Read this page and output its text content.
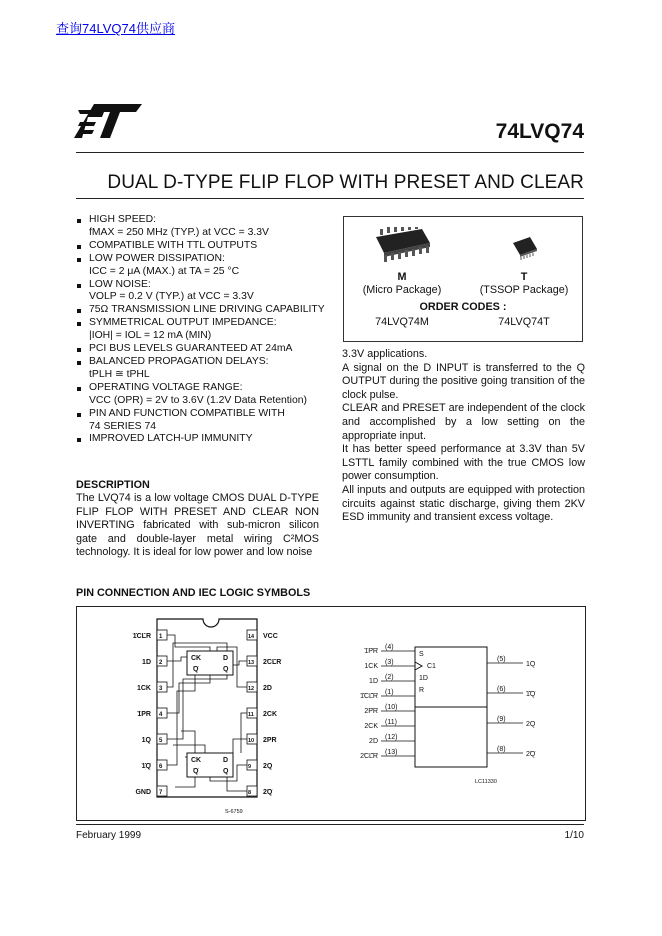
查询74LVQ74供应商
74LVQ74
DUAL D-TYPE FLIP FLOP WITH PRESET AND CLEAR
HIGH SPEED:
fMAX = 250 MHz (TYP.) at VCC = 3.3V
COMPATIBLE WITH TTL OUTPUTS
LOW POWER DISSIPATION:
ICC = 2 μA (MAX.) at TA = 25 °C
LOW NOISE:
VOLP = 0.2 V (TYP.) at VCC = 3.3V
75Ω TRANSMISSION LINE DRIVING CAPABILITY
SYMMETRICAL OUTPUT IMPEDANCE:
|IOH| = IOL = 12 mA (MIN)
PCI BUS LEVELS GUARANTEED AT 24mA
BALANCED PROPAGATION DELAYS:
tPLH ≅ tPHL
OPERATING VOLTAGE RANGE:
VCC (OPR) = 2V to 3.6V (1.2V Data Retention)
PIN AND FUNCTION COMPATIBLE WITH
74 SERIES 74
IMPROVED LATCH-UP IMMUNITY
M
(Micro Package)
T
(TSSOP Package)
ORDER CODES :
74LVQ74M	74LVQ74T
DESCRIPTION

The LVQ74 is a low voltage CMOS DUAL D-TYPE FLIP FLOP WITH PRESET AND CLEAR NON INVERTING fabricated with sub-micron silicon gate and double-layer metal wiring C²MOS technology. It is ideal for low power and low noise

3.3V applications.

A signal on the D INPUT is transferred to the Q OUTPUT during the positive going transition of the clock pulse.

CLEAR and PRESET are independent of the clock and accomplished by a low setting on the appropriate input.

It has better speed performance at 3.3V than 5V LSTTL family combined with the true CMOS low power consumption.

All inputs and outputs are equipped with protection circuits against static discharge, giving them 2KV ESD immunity and transient excess voltage.

PIN CONNECTION AND IEC LOGIC SYMBOLS
1
1CLR
2
1D
3
1CK
4
1PR
5
1Q
6
1Q
7
GND
14 VCC
13 2CLR
12 2D
11 2CK
10 2PR
9 2Q
8 2Q
CK	D
Q	Q
CK	D
Q	Q
S-6759
S
C1
1D
R
1PR
(4)
1CK
(3)
1D
(2)
1CLR
(1)
2PR
(10)
2CK
(11)
2D
(12)
2CLR
(13)
(5)
1Q
(6)
1Q
(9)
2Q
(8)
2Q
LC11330
February 1999	1/10
